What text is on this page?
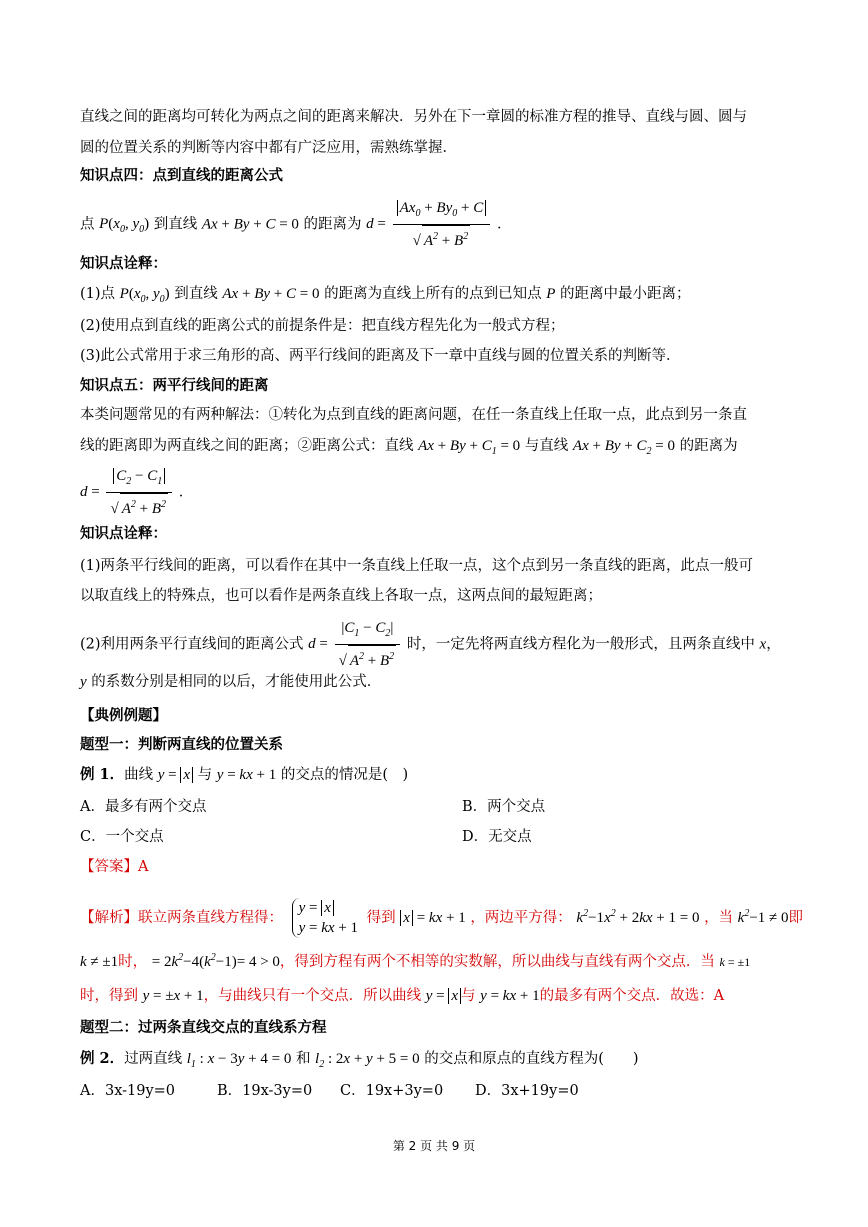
直线之间的距离均可转化为两点之间的距离来解决．另外在下一章圆的标准方程的推导、直线与圆、圆与
圆的位置关系的判断等内容中都有广泛应用，需熟练掌握．
知识点四：点到直线的距离公式
点 $P(x_0$, $y_0$) 到直线 Ax + By + C = 0 的距离为 $d = \frac{Ax_0 + By_0 + C}{√ A^2 + B^2}$ ．
知识点诠释：
(1)点 $P(x_0$, $y_0$) 到直线 Ax + By + C = 0 的距离为直线上所有的点到已知点 P 的距离中最小距离；
(2)使用点到直线的距离公式的前提条件是：把直线方程先化为一般式方程；
(3)此公式常用于求三角形的高、两平行线间的距离及下一章中直线与圆的位置关系的判断等．
知识点五：两平行线间的距离
本类问题常见的有两种解法：①转化为点到直线的距离问题，在任一条直线上任取一点，此点到另一条直
线的距离即为两直线之间的距离；②距离公式：直线 $Ax + By + C_1 = 0$ 与直线 $Ax + By + C_2 = 0$ 的距离为
$d = \frac{C_2 - C_1}{√ A^2 + B^2}$ ．
知识点诠释：
(1)两条平行线间的距离，可以看作在其中一条直线上任取一点，这个点到另一条直线的距离，此点一般可
以取直线上的特殊点，也可以看作是两条直线上各取一点，这两点间的最短距离；
(2)利用两条平行直线间的距离公式 $d = \frac{|C_1 - C_2|}{√ A^2 + B^2}$ 时，一定先将两直线方程化为一般形式，且两条直线中 x，
y 的系数分别是相同的以后，才能使用此公式．
【典例例题】
题型一：判断两直线的位置关系
例 1．曲线 y = x 与 y = kx + 1 的交点的情况是(　)
A．最多有两个交点	B．两个交点
C．一个交点	D．无交点
【答案】A
【解析】联立两条直线方程得：
y = x
y = kx + 1
得到 x = kx + 1 ，两边平方得： $k^2-1x^2 + 2kx + 1 = 0$ ，当 $k^2-1 \ne 0$即
k ≠ ±1时， = $2k^2-4(k^2-1)= 4 > 0$，得到方程有两个不相等的实数解，所以曲线与直线有两个交点．当 k = ±1
时，得到 y = ±x + 1，与曲线只有一个交点．所以曲线 y = x 与 y = kx + 1的最多有两个交点．故选：A
题型二：过两条直线交点的直线系方程
例 2．过两直线 $l_1$ : x − 3y + 4 = 0 和 $l_2$ : 2x + y + 5 = 0 的交点和原点的直线方程为(　　)
A．3x-19y=0	B．19x-3y=0 C．19x+3y=0 D．3x+19y=0
第 2 页 共 9 页
